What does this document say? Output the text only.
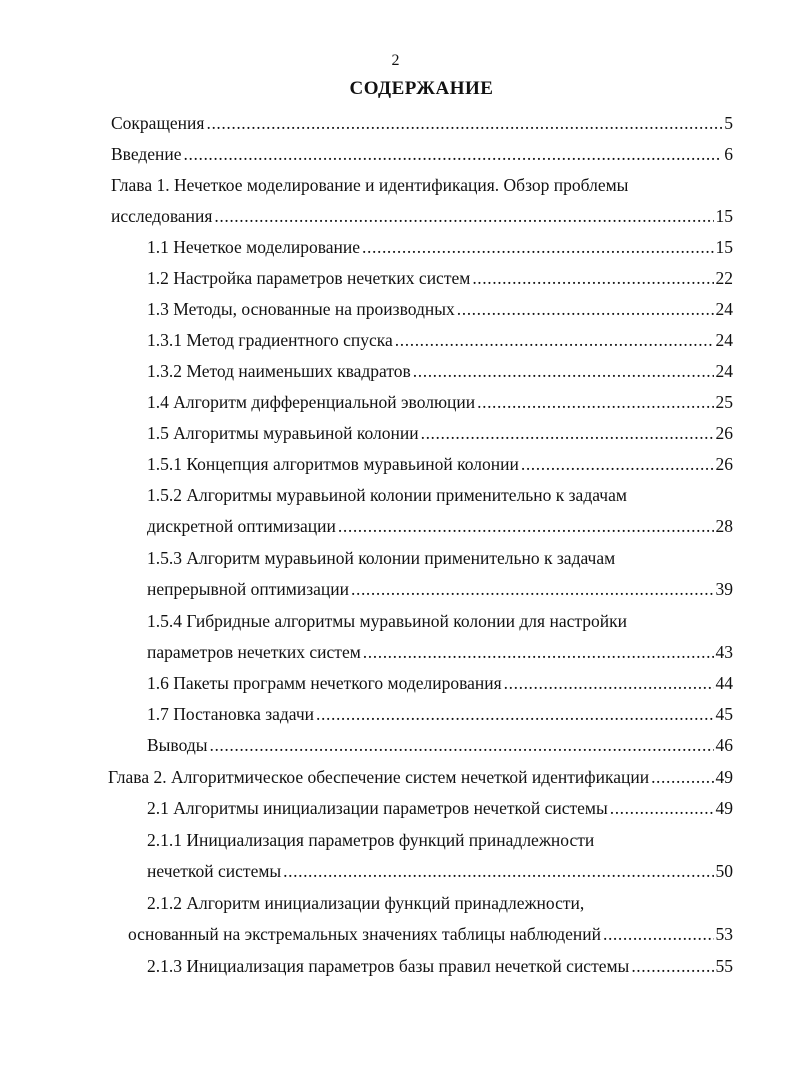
2
СОДЕРЖАНИЕ
Сокращения .....	5
Введение .....	6
Глава 1. Нечеткое моделирование и идентификация. Обзор проблемы
исследования .....	15
1.1 Нечеткое моделирование .....	15
1.2 Настройка параметров нечетких систем .....	22
1.3 Методы, основанные на производных .....	24
1.3.1 Метод градиентного спуска .....	24
1.3.2 Метод наименьших квадратов .....	24
1.4 Алгоритм дифференциальной эволюции .....	25
1.5 Алгоритмы муравьиной колонии .....	26
1.5.1 Концепция алгоритмов муравьиной колонии .....	26
1.5.2 Алгоритмы муравьиной колонии применительно к задачам
дискретной оптимизации .....	28
1.5.3 Алгоритм муравьиной колонии применительно к задачам
непрерывной оптимизации .....	39
1.5.4 Гибридные алгоритмы муравьиной колонии для настройки
параметров нечетких систем .....	43
1.6 Пакеты программ нечеткого моделирования .....	44
1.7 Постановка задачи .....	45
Выводы .....	46
Глава 2. Алгоритмическое обеспечение систем нечеткой идентификации .....	49
2.1 Алгоритмы инициализации параметров нечеткой системы .....	49
2.1.1 Инициализация параметров функций принадлежности
нечеткой системы .....	50
2.1.2 Алгоритм инициализации функций принадлежности,
основанный на экстремальных значениях таблицы наблюдений .....	53
2.1.3 Инициализация параметров базы правил нечеткой системы .....	55
